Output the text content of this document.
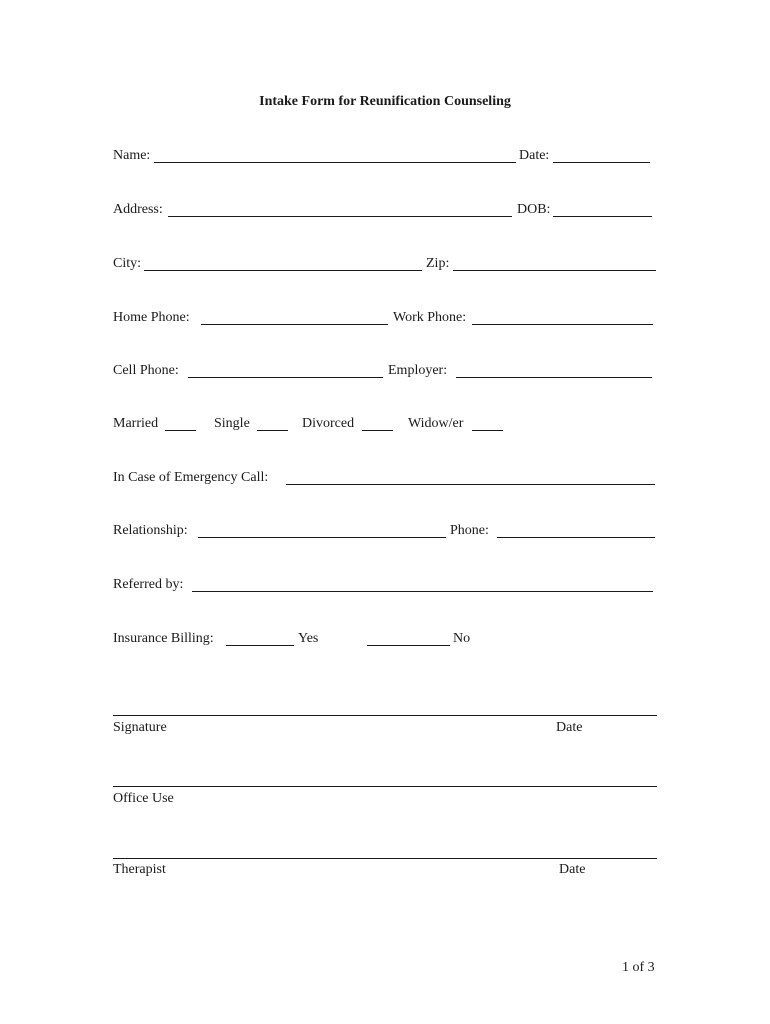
Intake Form for Reunification Counseling
Name:	Date:
Address:	DOB:
City:	Zip:
Home Phone:	Work Phone:
Cell Phone:	Employer:
Married	Single	Divorced	Widow/er
In Case of Emergency Call:
Relationship:	Phone:
Referred by:
Insurance Billing:	Yes	No
Signature	Date
Office Use
Therapist	Date
1 of 3
